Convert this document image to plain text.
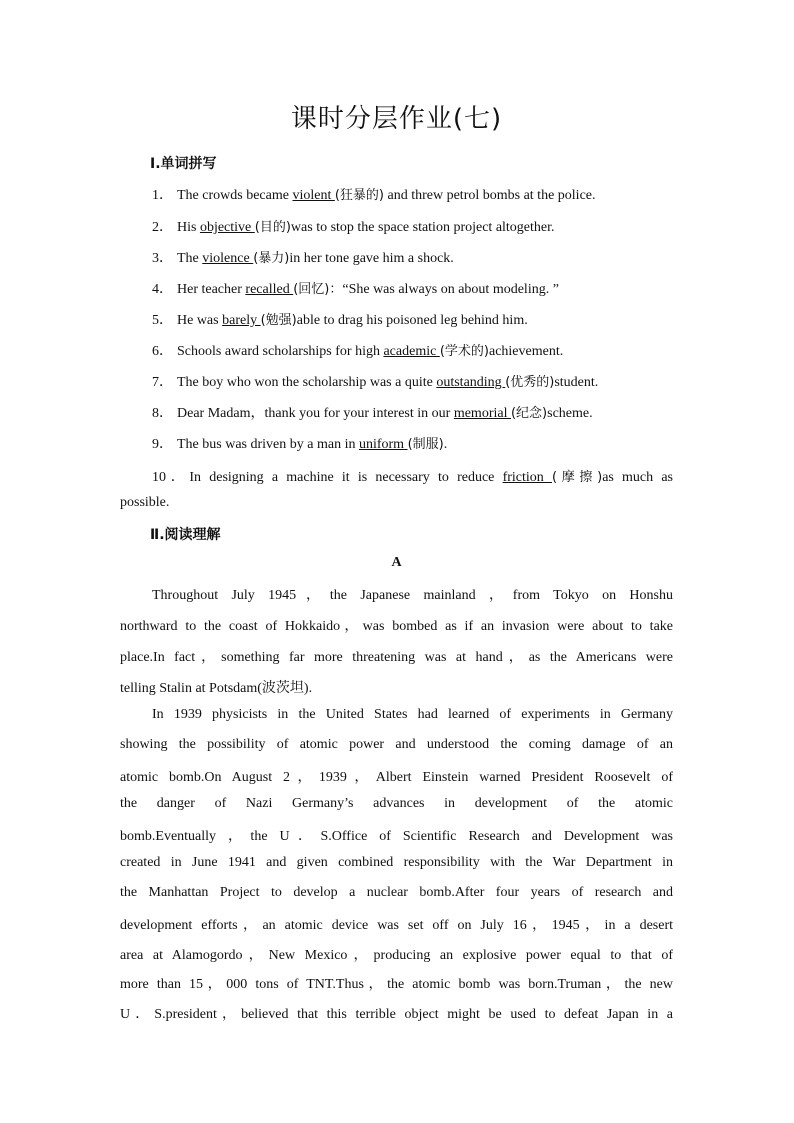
课时分层作业(七)
Ⅰ.单词拼写
1． The crowds became violent (狂暴的) and threw petrol bombs at the police.
2． His objective (目的)was to stop the space station project altogether.
3． The violence (暴力)in her tone gave him a shock.
4． Her teacher recalled (回忆)：“She was always on about modeling. ”
5． He was barely (勉强)able to drag his poisoned leg behind him.
6． Schools award scholarships for high academic (学术的)achievement.
7． The boy who won the scholarship was a quite outstanding (优秀的)student.
8． Dear Madam，thank you for your interest in our memorial (纪念)scheme.
9． The bus was driven by a man in uniform (制服).
10．In designing a machine it is necessary to reduce friction (摩擦)as much as
possible.
Ⅱ.阅读理解
A
Throughout July 1945，the Japanese mainland ，from Tokyo on Honshu
northward to the coast of Hokkaido，was bombed as if an invasion were about to take
place.In fact，something far more threatening was at hand，as the Americans were
telling Stalin at Potsdam(波茨坦).
In 1939 physicists in the United States had learned of experiments in Germany
showing the possibility of atomic power and understood the coming damage of an
atomic bomb.On August 2，1939，Albert Einstein warned President Roosevelt of
the danger of Nazi Germany’s advances in development of the atomic
bomb.Eventually ，the U．S.Office of Scientific Research and Development was
created in June 1941 and given combined responsibility with the War Department in
the Manhattan Project to develop a nuclear bomb.After four years of research and
development efforts，an atomic device was set off on July 16，1945，in a desert
area at Alamogordo，New Mexico，producing an explosive power equal to that of
more than 15，000 tons of TNT.Thus，the atomic bomb was born.Truman，the new
U．S.president，believed that this terrible object might be used to defeat Japan in a
